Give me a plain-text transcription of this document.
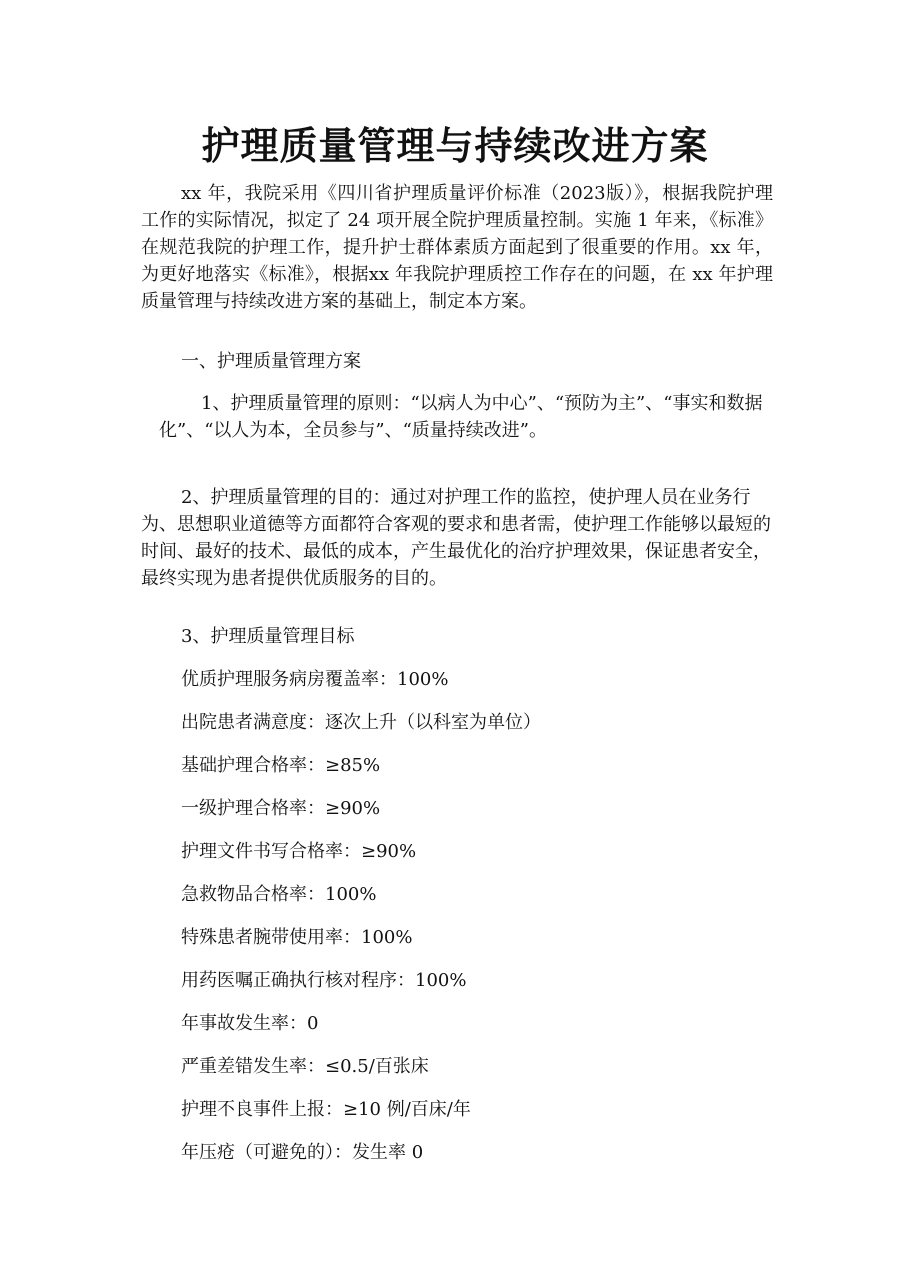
护理质量管理与持续改进方案

xx 年，我院采用《四川省护理质量评价标准（2023版）》，根据我院护理工作的实际情况，拟定了 24 项开展全院护理质量控制。实施 1 年来，《标准》在规范我院的护理工作，提升护士群体素质方面起到了很重要的作用。xx 年，为更好地落实《标准》，根据xx 年我院护理质控工作存在的问题，在 xx 年护理质量管理与持续改进方案的基础上，制定本方案。

一、护理质量管理方案

1、护理质量管理的原则：“以病人为中心”、“预防为主”、“事实和数据化”、“以人为本，全员参与”、“质量持续改进”。

2、护理质量管理的目的：通过对护理工作的监控，使护理人员在业务行为、思想职业道德等方面都符合客观的要求和患者需，使护理工作能够以最短的时间、最好的技术、最低的成本，产生最优化的治疗护理效果，保证患者安全，最终实现为患者提供优质服务的目的。

3、护理质量管理目标

优质护理服务病房覆盖率：100%

出院患者满意度：逐次上升（以科室为单位）

基础护理合格率：≥85%

一级护理合格率：≥90%

护理文件书写合格率：≥90%

急救物品合格率：100%

特殊患者腕带使用率：100%

用药医嘱正确执行核对程序：100%

年事故发生率：0

严重差错发生率：≤0.5/百张床

护理不良事件上报：≥10 例/百床/年

年压疮（可避免的）：发生率 0
